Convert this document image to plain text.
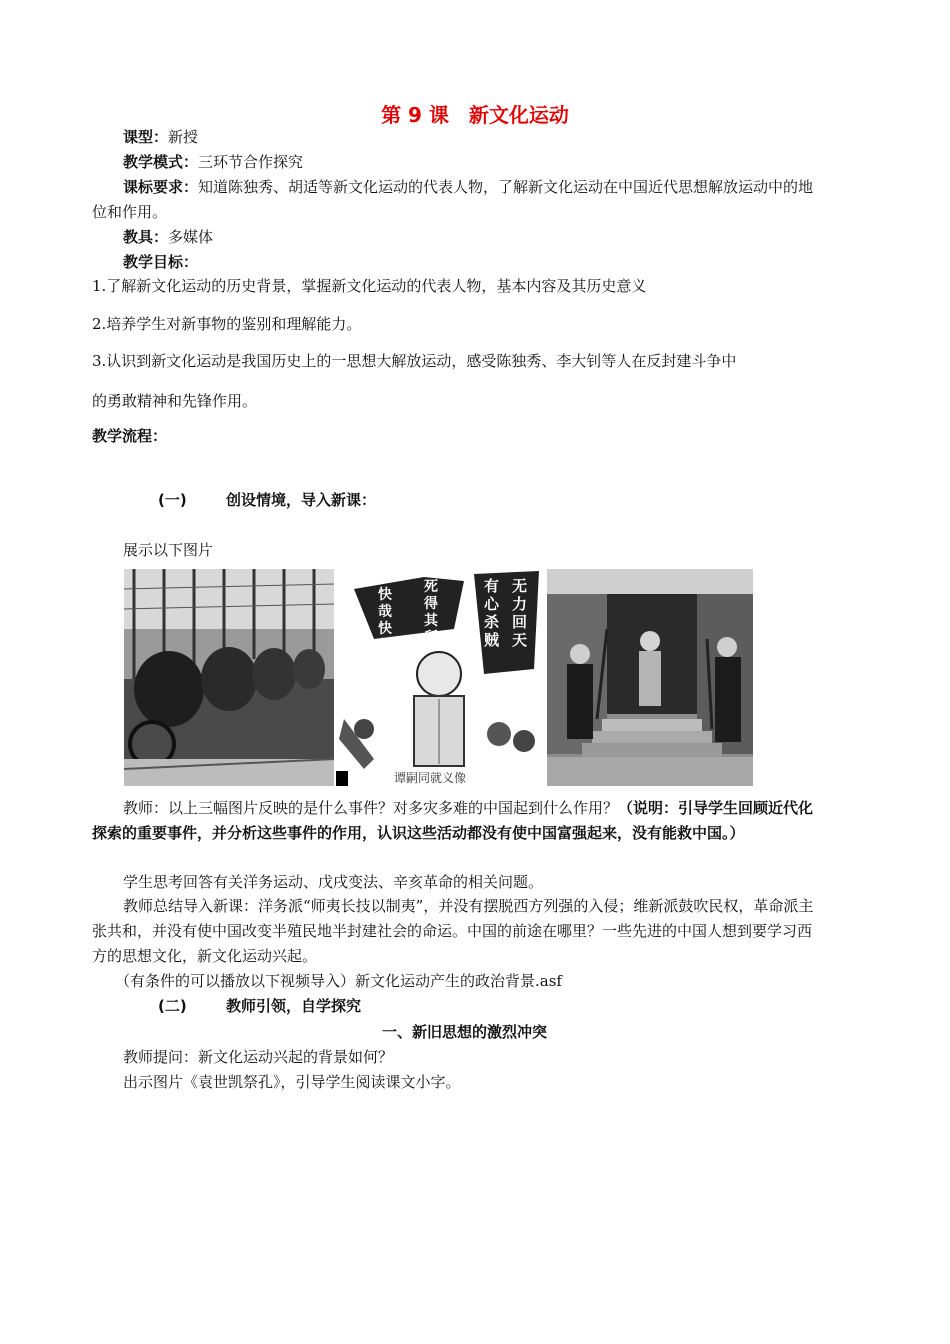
第 9 课　新文化运动
课型：新授
教学模式：三环节合作探究
课标要求：知道陈独秀、胡适等新文化运动的代表人物，了解新文化运动在中国近代思想解放运动中的地位和作用。
教具：多媒体
教学目标：
1.了解新文化运动的历史背景，掌握新文化运动的代表人物，基本内容及其历史意义
2.培养学生对新事物的鉴别和理解能力。
3.认识到新文化运动是我国历史上的一思想大解放运动，感受陈独秀、李大钊等人在反封建斗争中
的勇敢精神和先锋作用。
教学流程：
(一)	创设情境，导入新课：
展示以下图片
有心杀贼
无力回天
死得其所
快哉快哉
谭嗣同就义像
教师：以上三幅图片反映的是什么事件？对多灾多难的中国起到什么作用？（说明：引导学生回顾近代化探索的重要事件，并分析这些事件的作用，认识这些活动都没有使中国富强起来，没有能救中国。）
学生思考回答有关洋务运动、戊戌变法、辛亥革命的相关问题。
教师总结导入新课：洋务派“师夷长技以制夷”，并没有摆脱西方列强的入侵；维新派鼓吹民权，革命派主张共和，并没有使中国改变半殖民地半封建社会的命运。中国的前途在哪里？一些先进的中国人想到要学习西方的思想文化，新文化运动兴起。
（有条件的可以播放以下视频导入）新文化运动产生的政治背景.asf
(二)	教师引领，自学探究
一、新旧思想的激烈冲突
教师提问：新文化运动兴起的背景如何？
出示图片《袁世凯祭孔》，引导学生阅读课文小字。
